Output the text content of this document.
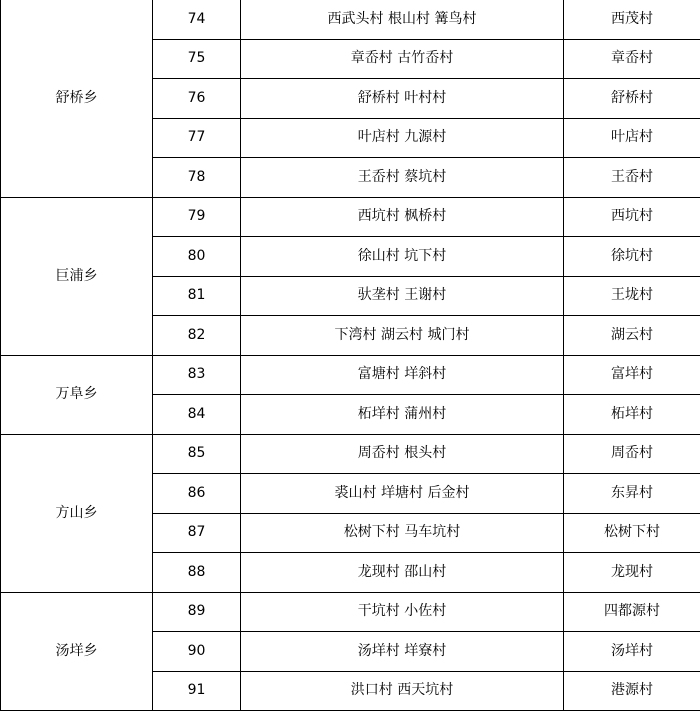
舒桥乡	74	西武头村 根山村 篝鸟村	西茂村
	75	章岙村 古竹岙村	章岙村
	76	舒桥村 叶村村	舒桥村
	77	叶店村 九源村	叶店村
	78	王岙村 蔡坑村	王岙村
巨浦乡	79	西坑村 枫桥村	西坑村
	80	徐山村 坑下村	徐坑村
	81	驮垄村 王谢村	王垅村
	82	下湾村 湖云村 城门村	湖云村
万阜乡	83	富塘村 垟斜村	富垟村
	84	柘垟村 蒲州村	柘垟村
方山乡	85	周岙村 根头村	周岙村
	86	裘山村 垟塘村 后金村	东昇村
	87	松树下村 马车坑村	松树下村
	88	龙现村 邵山村	龙现村
汤垟乡	89	干坑村 小佐村	四都源村
	90	汤垟村 垟寮村	汤垟村
	91	洪口村 西天坑村	港源村
